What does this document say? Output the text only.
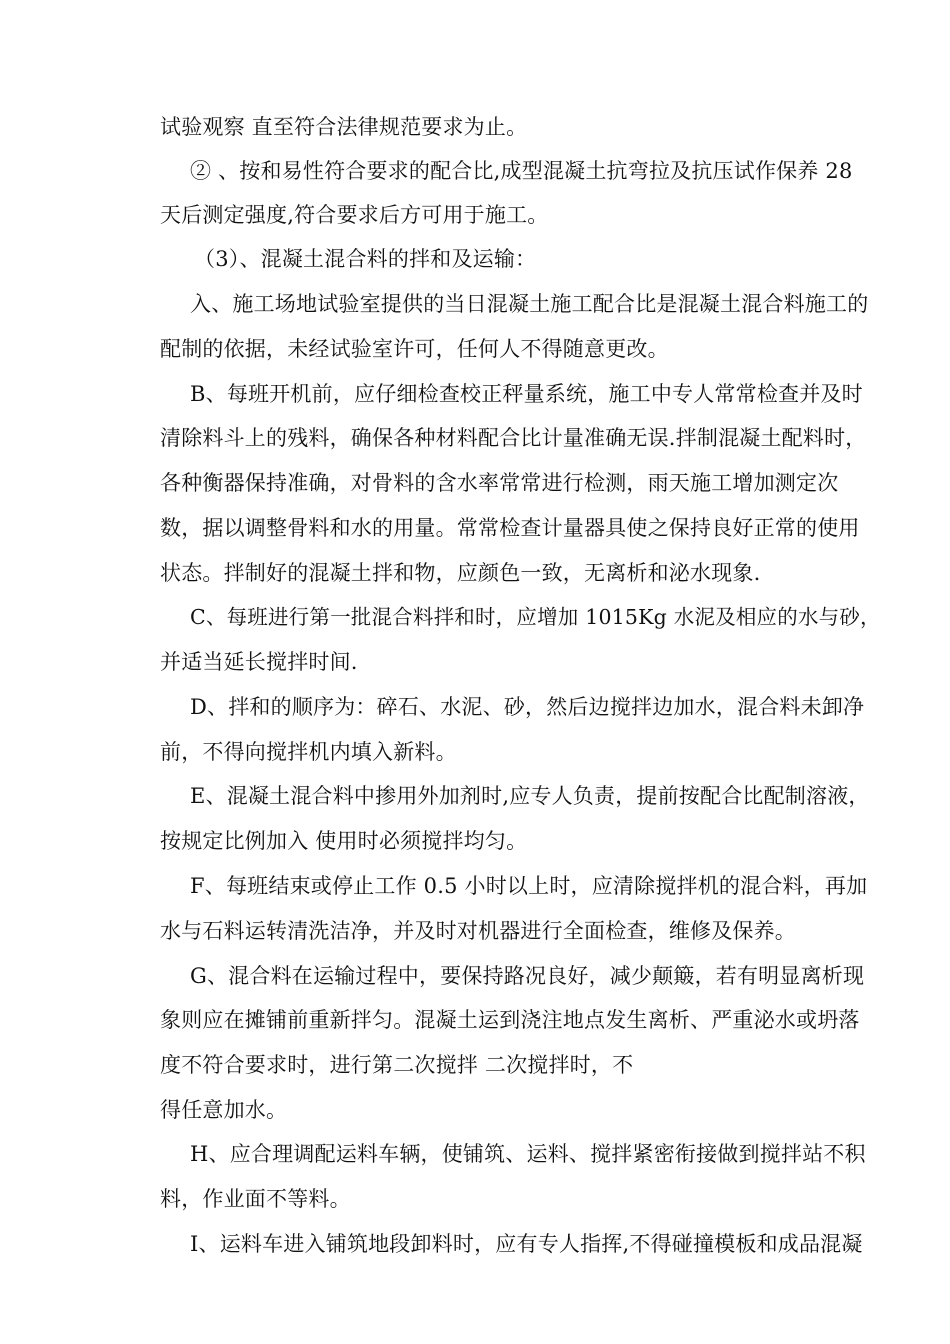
试验观察 直至符合法律规范要求为止。
② 、按和易性符合要求的配合比,成型混凝土抗弯拉及抗压试作保养 28
天后测定强度,符合要求后方可用于施工。
（3）、混凝土混合料的拌和及运输：
入、施工场地试验室提供的当日混凝土施工配合比是混凝土混合料施工的
配制的依据，未经试验室许可，任何人不得随意更改。
B、每班开机前，应仔细检查校正秤量系统，施工中专人常常检查并及时
清除料斗上的残料，确保各种材料配合比计量准确无误.拌制混凝土配料时，
各种衡器保持准确，对骨料的含水率常常进行检测，雨天施工增加测定次
数，据以调整骨料和水的用量。常常检查计量器具使之保持良好正常的使用
状态。拌制好的混凝土拌和物，应颜色一致，无离析和泌水现象.
C、每班进行第一批混合料拌和时，应增加 1015Kg 水泥及相应的水与砂，
并适当延长搅拌时间.
D、拌和的顺序为：碎石、水泥、砂，然后边搅拌边加水，混合料未卸净
前，不得向搅拌机内填入新料。
E、混凝土混合料中掺用外加剂时,应专人负责，提前按配合比配制溶液，
按规定比例加入 使用时必须搅拌均匀。
F、每班结束或停止工作 0.5 小时以上时，应清除搅拌机的混合料，再加
水与石料运转清洗洁净，并及时对机器进行全面检查，维修及保养。
G、混合料在运输过程中，要保持路况良好，减少颠簸，若有明显离析现
象则应在摊铺前重新拌匀。混凝土运到浇注地点发生离析、严重泌水或坍落
度不符合要求时，进行第二次搅拌 二次搅拌时，不
得任意加水。
H、应合理调配运料车辆，使铺筑、运料、搅拌紧密衔接做到搅拌站不积
料，作业面不等料。
I、运料车进入铺筑地段卸料时，应有专人指挥,不得碰撞模板和成品混凝
